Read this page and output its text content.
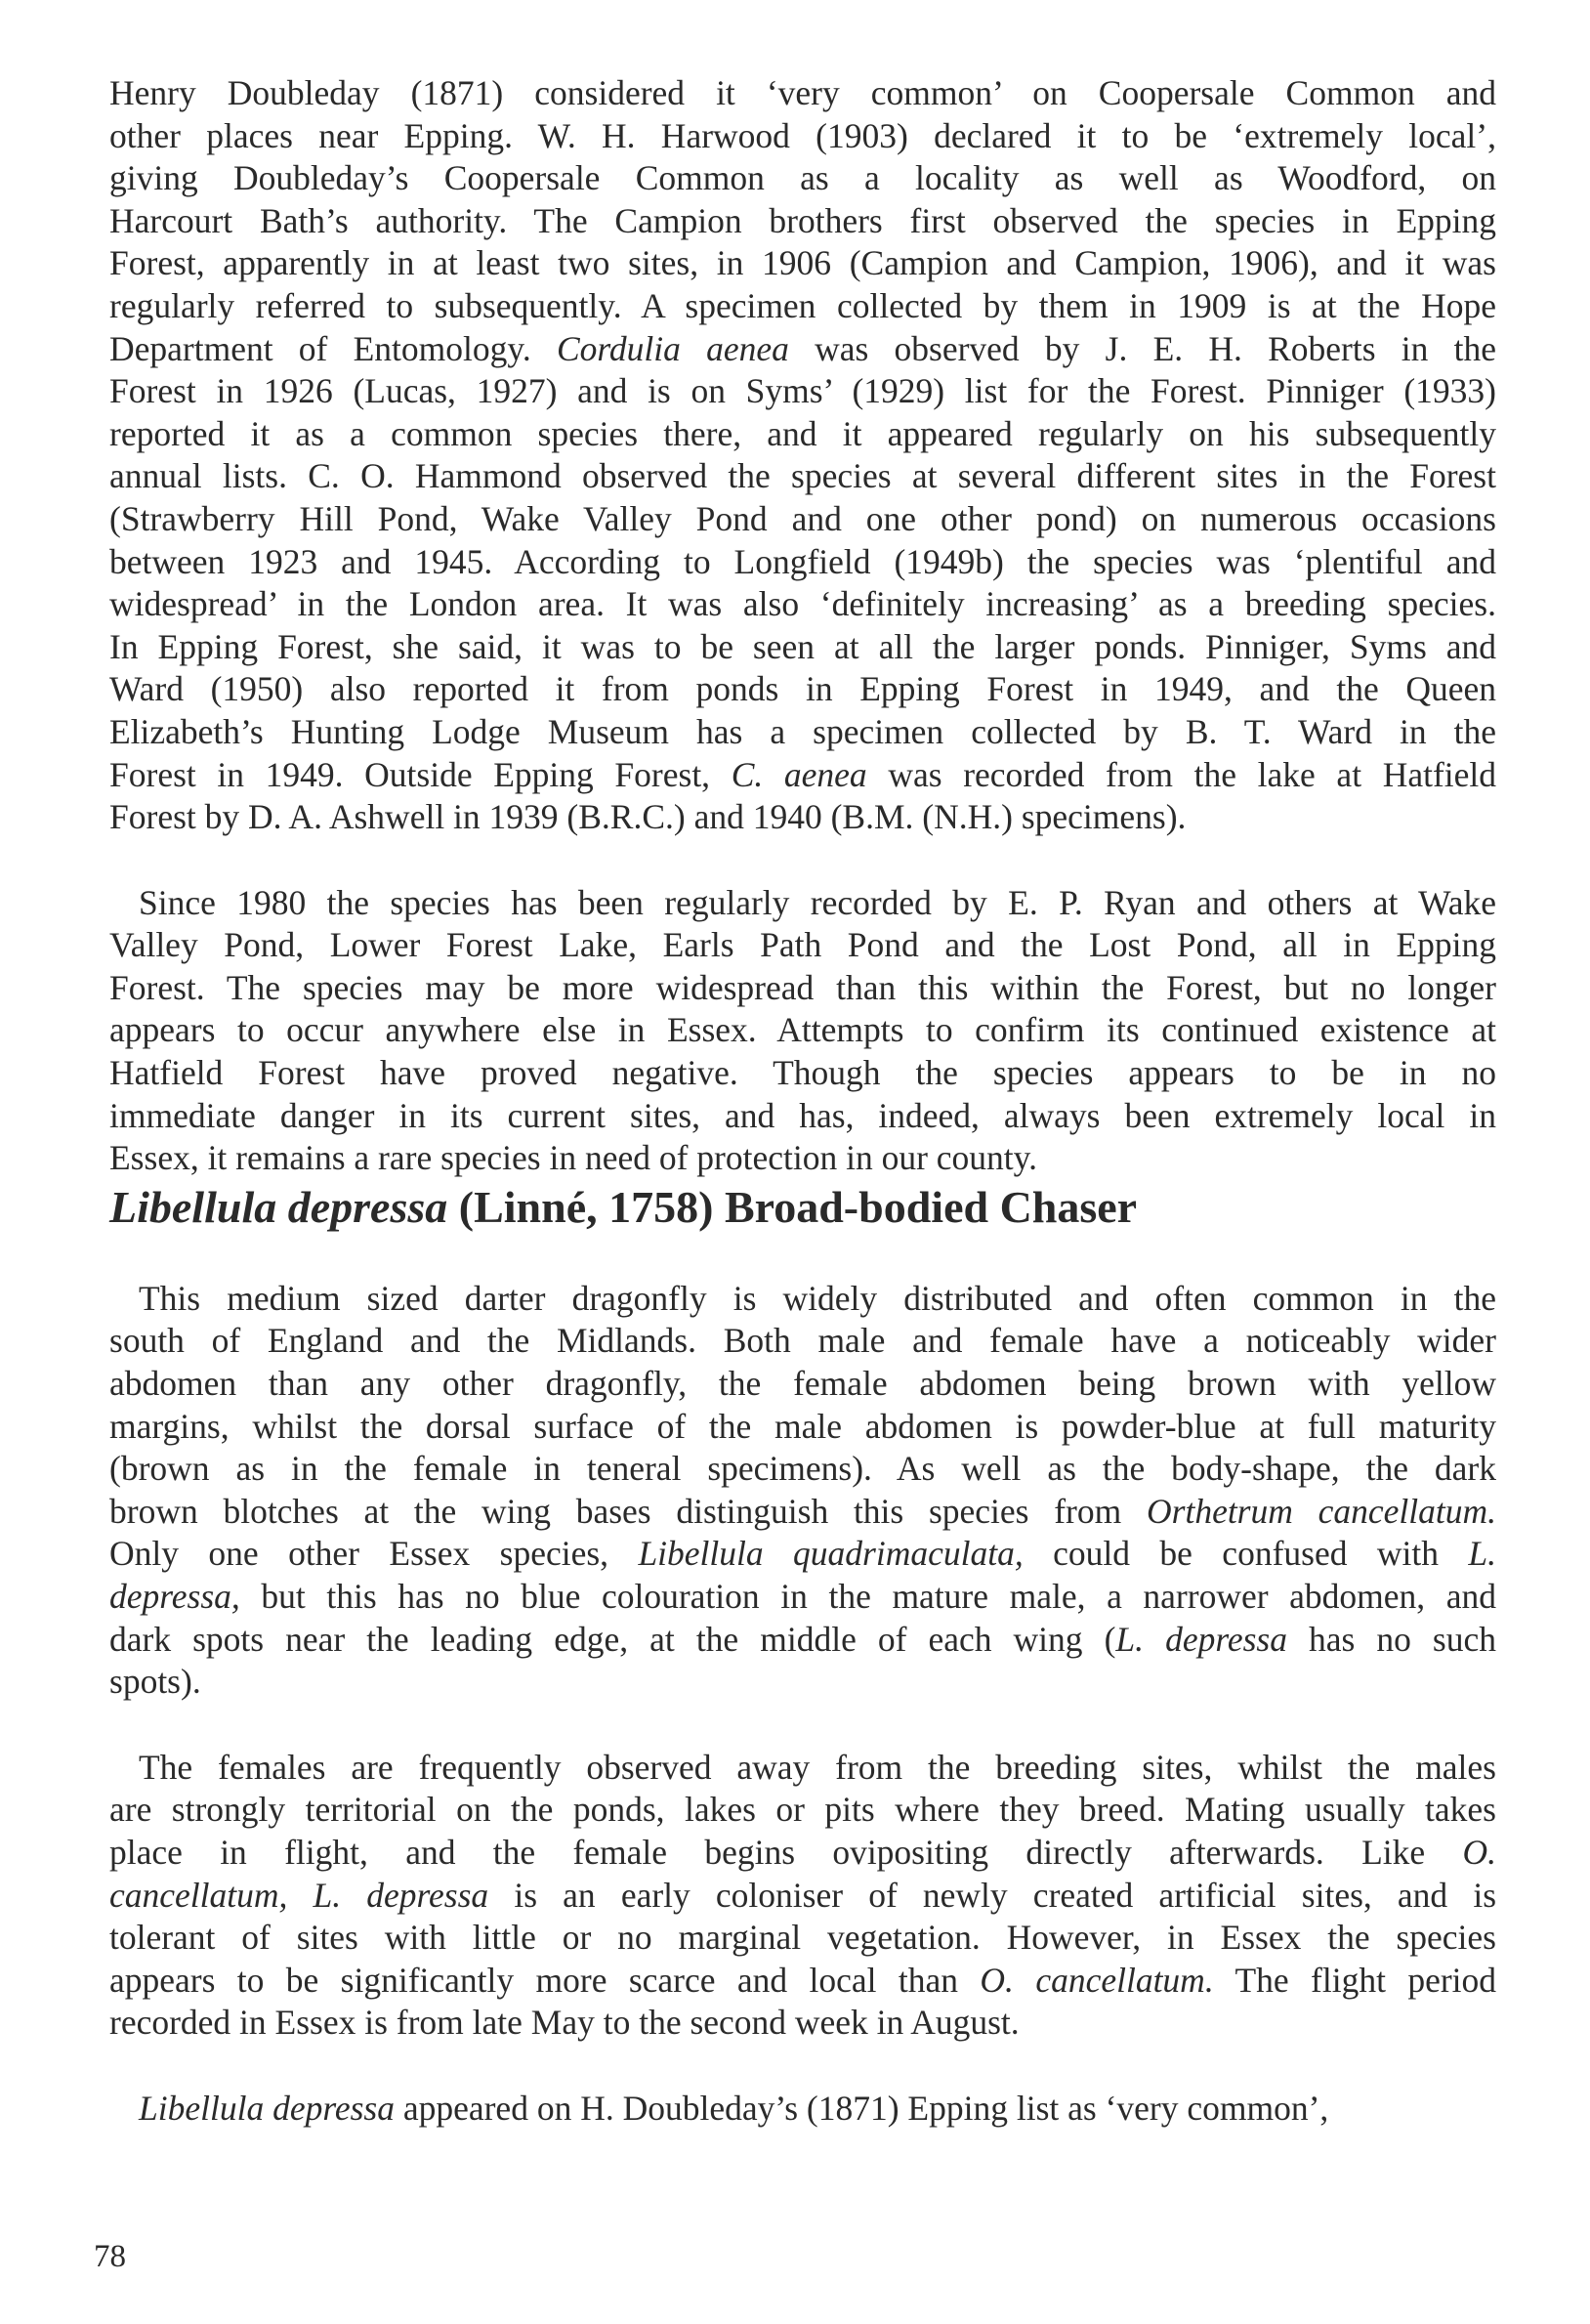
Henry Doubleday (1871) considered it ‘very common’ on Coopersale Common and
other places near Epping. W. H. Harwood (1903) declared it to be ‘extremely local’,
giving Doubleday’s Coopersale Common as a locality as well as Woodford, on
Harcourt Bath’s authority. The Campion brothers first observed the species in Epping
Forest, apparently in at least two sites, in 1906 (Campion and Campion, 1906), and it was
regularly referred to subsequently. A specimen collected by them in 1909 is at the Hope
Department of Entomology. Cordulia aenea was observed by J. E. H. Roberts in the
Forest in 1926 (Lucas, 1927) and is on Syms’ (1929) list for the Forest. Pinniger (1933)
reported it as a common species there, and it appeared regularly on his subsequently
annual lists. C. O. Hammond observed the species at several different sites in the Forest
(Strawberry Hill Pond, Wake Valley Pond and one other pond) on numerous occasions
between 1923 and 1945. According to Longfield (1949b) the species was ‘plentiful and
widespread’ in the London area. It was also ‘definitely increasing’ as a breeding species.
In Epping Forest, she said, it was to be seen at all the larger ponds. Pinniger, Syms and
Ward (1950) also reported it from ponds in Epping Forest in 1949, and the Queen
Elizabeth’s Hunting Lodge Museum has a specimen collected by B. T. Ward in the
Forest in 1949. Outside Epping Forest, C. aenea was recorded from the lake at Hatfield
Forest by D. A. Ashwell in 1939 (B.R.C.) and 1940 (B.M. (N.H.) specimens).
Since 1980 the species has been regularly recorded by E. P. Ryan and others at Wake
Valley Pond, Lower Forest Lake, Earls Path Pond and the Lost Pond, all in Epping
Forest. The species may be more widespread than this within the Forest, but no longer
appears to occur anywhere else in Essex. Attempts to confirm its continued existence at
Hatfield Forest have proved negative. Though the species appears to be in no
immediate danger in its current sites, and has, indeed, always been extremely local in
Essex, it remains a rare species in need of protection in our county.
Libellula depressa (Linné, 1758) Broad-bodied Chaser
This medium sized darter dragonfly is widely distributed and often common in the
south of England and the Midlands. Both male and female have a noticeably wider
abdomen than any other dragonfly, the female abdomen being brown with yellow
margins, whilst the dorsal surface of the male abdomen is powder-blue at full maturity
(brown as in the female in teneral specimens). As well as the body-shape, the dark
brown blotches at the wing bases distinguish this species from Orthetrum cancellatum.
Only one other Essex species, Libellula quadrimaculata, could be confused with L.
depressa, but this has no blue colouration in the mature male, a narrower abdomen, and
dark spots near the leading edge, at the middle of each wing (L. depressa has no such
spots).
The females are frequently observed away from the breeding sites, whilst the males
are strongly territorial on the ponds, lakes or pits where they breed. Mating usually takes
place in flight, and the female begins ovipositing directly afterwards. Like O.
cancellatum, L. depressa is an early coloniser of newly created artificial sites, and is
tolerant of sites with little or no marginal vegetation. However, in Essex the species
appears to be significantly more scarce and local than O. cancellatum. The flight period
recorded in Essex is from late May to the second week in August.
Libellula depressa appeared on H. Doubleday’s (1871) Epping list as ‘very common’,
78
